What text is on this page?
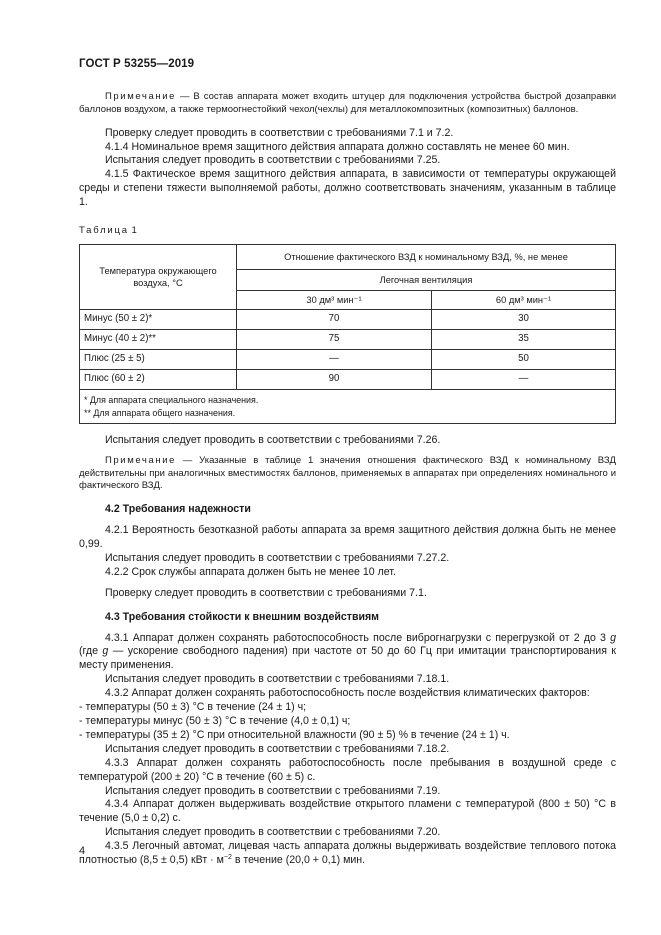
ГОСТ Р 53255—2019

Примечание — В состав аппарата может входить штуцер для подключения устройства быстрой дозаправки баллонов воздухом, а также термоогнестойкий чехол(чехлы) для металлокомпозитных (композитных) баллонов.

Проверку следует проводить в соответствии с требованиями 7.1 и 7.2.

4.1.4 Номинальное время защитного действия аппарата должно составлять не менее 60 мин.

Испытания следует проводить в соответствии с требованиями 7.25.

4.1.5 Фактическое время защитного действия аппарата, в зависимости от температуры окружающей среды и степени тяжести выполняемой работы, должно соответствовать значениям, указанным в таблице 1.

Таблица 1

Температура окружающего воздуха, °С	Отношение фактического ВЗД к номинальному ВЗД, %, не менее	
	Легочная вентиляция	
	30 дм³ мин⁻¹	60 дм³ мин⁻¹
Минус (50 ± 2)*	70	30
Минус (40 ± 2)**	75	35
Плюс (25 ± 5)	—	50
Плюс (60 ± 2)	90	—

* Для аппарата специального назначения.
** Для аппарата общего назначения.		

Испытания следует проводить в соответствии с требованиями 7.26.

Примечание — Указанные в таблице 1 значения отношения фактического ВЗД к номинальному ВЗД действительны при аналогичных вместимостях баллонов, применяемых в аппаратах при определениях номинального и фактического ВЗД.

4.2 Требования надежности

4.2.1 Вероятность безотказной работы аппарата за время защитного действия должна быть не менее 0,99.

Испытания следует проводить в соответствии с требованиями 7.27.2.

4.2.2 Срок службы аппарата должен быть не менее 10 лет.

Проверку следует проводить в соответствии с требованиями 7.1.

4.3 Требования стойкости к внешним воздействиям

4.3.1 Аппарат должен сохранять работоспособность после виброгнагрузки с перегрузкой от 2 до 3 g (где g — ускорение свободного падения) при частоте от 50 до 60 Гц при имитации транспортирования к месту применения.

Испытания следует проводить в соответствии с требованиями 7.18.1.

4.3.2 Аппарат должен сохранять работоспособность после воздействия климатических факторов:

- температуры (50 ± 3) °С в течение (24 ± 1) ч;

- температуры минус (50 ± 3) °С в течение (4,0 ± 0,1) ч;

- температуры (35 ± 2) °С при относительной влажности (90 ± 5) % в течение (24 ± 1) ч.

Испытания следует проводить в соответствии с требованиями 7.18.2.

4.3.3 Аппарат должен сохранять работоспособность после пребывания в воздушной среде с температурой (200 ± 20) °С в течение (60 ± 5) с.

Испытания следует проводить в соответствии с требованиями 7.19.

4.3.4 Аппарат должен выдерживать воздействие открытого пламени с температурой (800 ± 50) °С в течение (5,0 ± 0,2) с.

Испытания следует проводить в соответствии с требованиями 7.20.

4.3.5 Легочный автомат, лицевая часть аппарата должны выдерживать воздействие теплового потока плотностью (8,5 ± 0,5) кВт · $м^{-2}$ в течение (20,0 + 0,1) мин.

4
